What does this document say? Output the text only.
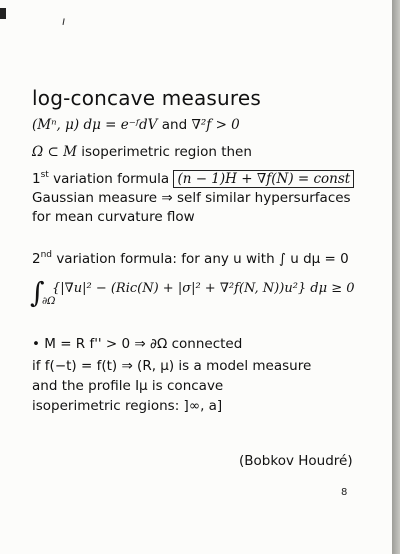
ı
log-concave measures
(Mⁿ, μ) dμ = e⁻ᶠdV and ∇²f > 0
Ω ⊂ M isoperimetric region then
1st variation formula (n − 1)H + ∇f(N) = const
Gaussian measure ⇒ self similar hypersurfaces
for mean curvature flow
2nd variation formula: for any u with ∫ u dμ = 0
∫
∂Ω
{|∇u|² − (Ric(N) + |σ|² + ∇²f(N, N))u²} dμ ≥ 0
• M = R f'' > 0 ⇒ ∂Ω connected
if f(−t) = f(t) ⇒ (R, μ) is a model measure
and the profile Iμ is concave
isoperimetric regions: ]∞, a]
(Bobkov Houdré)
8
